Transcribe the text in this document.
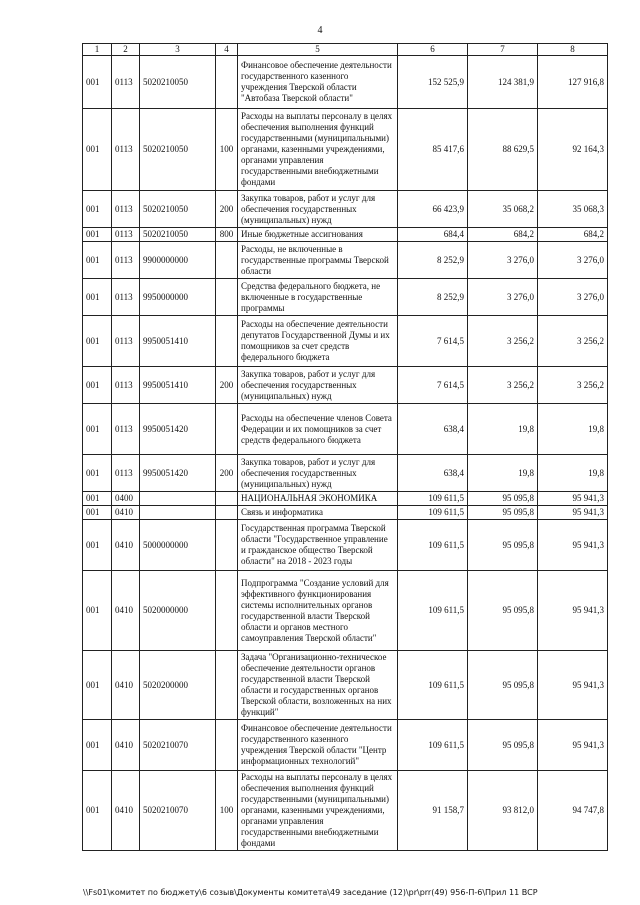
4
1	2	3	4	5	6	7	8
001	0113	5020210050		Финансовое обеспечение деятельности государственного казенного учреждения Тверской области "Автобаза Тверской области"	152 525,9	124 381,9	127 916,8
001	0113	5020210050	100	Расходы на выплаты персоналу в целях обеспечения выполнения функций государственными (муниципальными) органами, казенными учреждениями, органами управления государственными внебюджетными фондами	85 417,6	88 629,5	92 164,3
001	0113	5020210050	200	Закупка товаров, работ и услуг для обеспечения государственных (муниципальных) нужд	66 423,9	35 068,2	35 068,3
001	0113	5020210050	800	Иные бюджетные ассигнования	684,4	684,2	684,2
001	0113	9900000000		Расходы, не включенные в государственные программы Тверской области	8 252,9	3 276,0	3 276,0
001	0113	9950000000		Средства федерального бюджета, не включенные в государственные программы	8 252,9	3 276,0	3 276,0
001	0113	9950051410		Расходы на обеспечение деятельности депутатов Государственной Думы и их помощников за счет средств федерального бюджета	7 614,5	3 256,2	3 256,2
001	0113	9950051410	200	Закупка товаров, работ и услуг для обеспечения государственных (муниципальных) нужд	7 614,5	3 256,2	3 256,2
001	0113	9950051420		Расходы на обеспечение членов Совета Федерации и их помощников за счет средств федерального бюджета	638,4	19,8	19,8
001	0113	9950051420	200	Закупка товаров, работ и услуг для обеспечения государственных (муниципальных) нужд	638,4	19,8	19,8
001	0400			НАЦИОНАЛЬНАЯ ЭКОНОМИКА	109 611,5	95 095,8	95 941,3
001	0410			Связь и информатика	109 611,5	95 095,8	95 941,3
001	0410	5000000000		Государственная программа Тверской области "Государственное управление и гражданское общество Тверской области" на 2018 - 2023 годы	109 611,5	95 095,8	95 941,3
001	0410	5020000000		Подпрограмма "Создание условий для эффективного функционирования системы исполнительных органов государственной власти Тверской области и органов местного самоуправления Тверской области"	109 611,5	95 095,8	95 941,3
001	0410	5020200000		Задача "Организационно-техническое обеспечение деятельности органов государственной власти Тверской области и государственных органов Тверской области, возложенных на них функций"	109 611,5	95 095,8	95 941,3
001	0410	5020210070		Финансовое обеспечение деятельности государственного казенного учреждения Тверской области "Центр информационных технологий"	109 611,5	95 095,8	95 941,3
001	0410	5020210070	100	Расходы на выплаты персоналу в целях обеспечения выполнения функций государственными (муниципальными) органами, казенными учреждениями, органами управления государственными внебюджетными фондами	91 158,7	93 812,0	94 747,8
\\Fs01\комитет по бюджету\6 созыв\Документы комитета\49 заседание (12)\pr\prr(49) 956-П-6\Прил 11 ВСР
